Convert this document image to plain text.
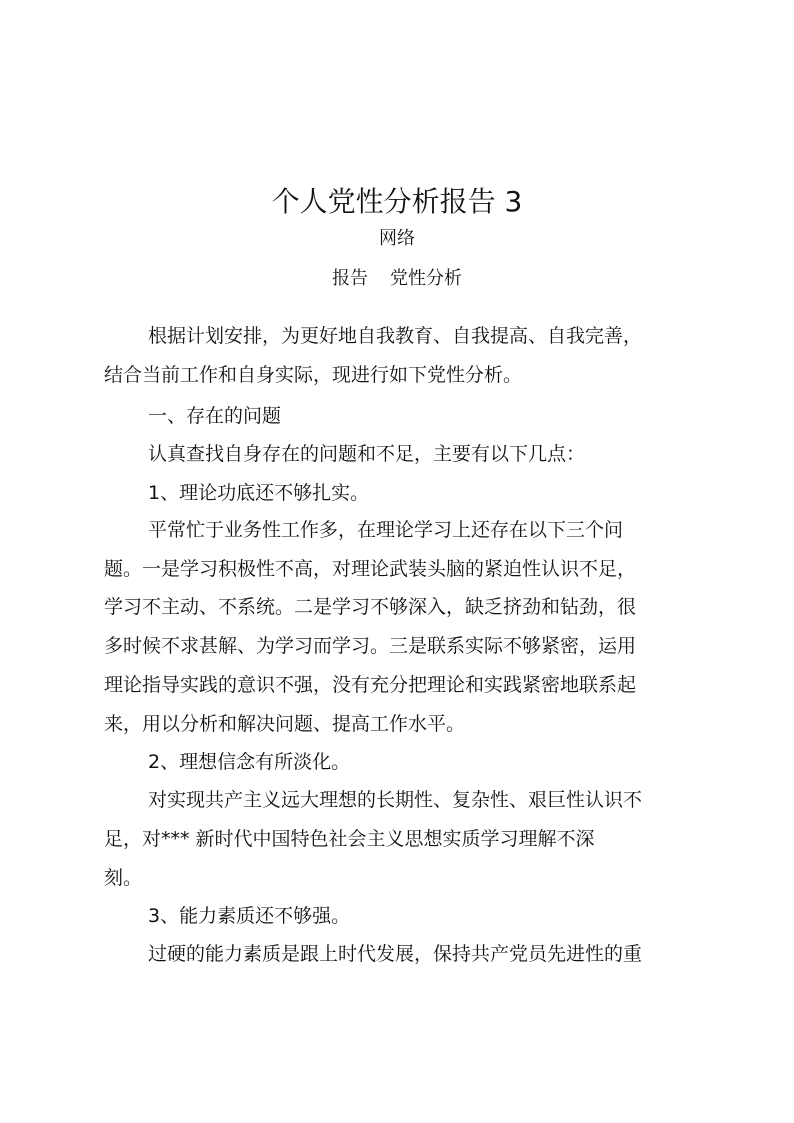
个人党性分析报告 3
网络
报告 党性分析
根据计划安排，为更好地自我教育、自我提高、自我完善，
结合当前工作和自身实际，现进行如下党性分析。
一、存在的问题
认真查找自身存在的问题和不足，主要有以下几点：
1、理论功底还不够扎实。
平常忙于业务性工作多，在理论学习上还存在以下三个问
题。一是学习积极性不高，对理论武装头脑的紧迫性认识不足，
学习不主动、不系统。二是学习不够深入，缺乏挤劲和钻劲，很
多时候不求甚解、为学习而学习。三是联系实际不够紧密，运用
理论指导实践的意识不强，没有充分把理论和实践紧密地联系起
来，用以分析和解决问题、提高工作水平。
2、理想信念有所淡化。
对实现共产主义远大理想的长期性、复杂性、艰巨性认识不
足，对*** 新时代中国特色社会主义思想实质学习理解不深
刻。
3、能力素质还不够强。
过硬的能力素质是跟上时代发展，保持共产党员先进性的重
